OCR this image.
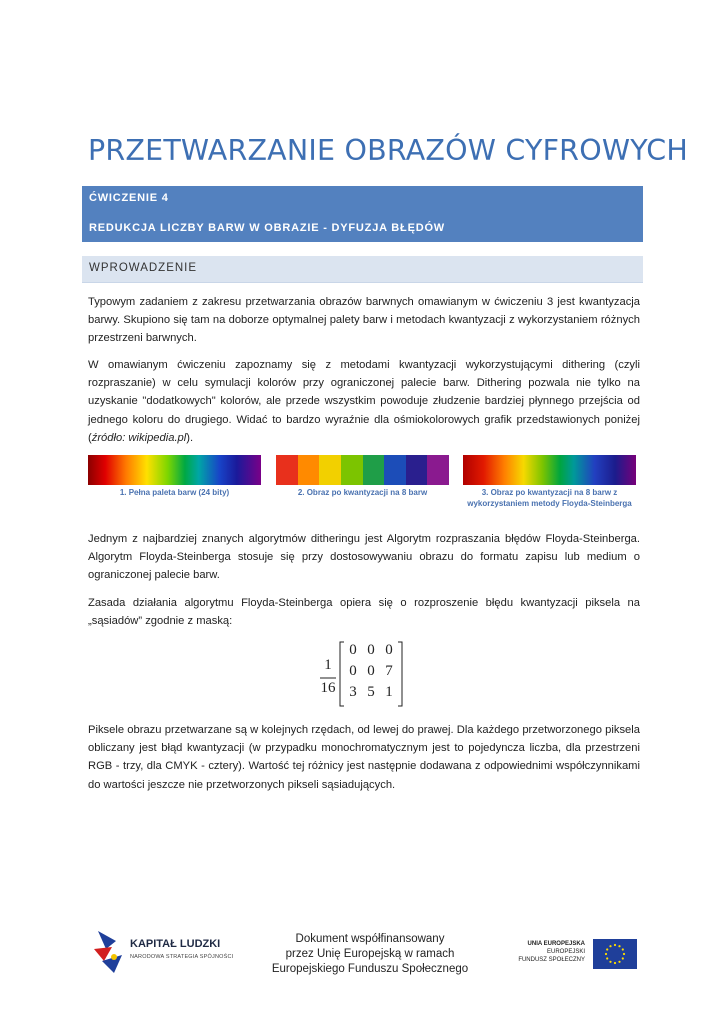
PRZETWARZANIE OBRAZÓW CYFROWYCH
ĆWICZENIE 4
REDUKCJA LICZBY BARW W OBRAZIE - DYFUZJA BŁĘDÓW
WPROWADZENIE
Typowym zadaniem z zakresu przetwarzania obrazów barwnych omawianym w ćwiczeniu 3 jest kwantyzacja barwy. Skupiono się tam na doborze optymalnej palety barw i metodach kwantyzacji z wykorzystaniem różnych przestrzeni barwnych.
W omawianym ćwiczeniu zapoznamy się z metodami kwantyzacji wykorzystującymi dithering (czyli rozpraszanie) w celu symulacji kolorów przy ograniczonej palecie barw. Dithering pozwala nie tylko na uzyskanie "dodatkowych" kolorów, ale przede wszystkim powoduje złudzenie bardziej płynnego przejścia od jednego koloru do drugiego. Widać to bardzo wyraźnie dla ośmiokolorowych grafik przedstawionych poniżej (źródło: wikipedia.pl).
1. Pełna paleta barw (24 bity)	2. Obraz po kwantyzacji na 8 barw	3. Obraz po kwantyzacji na 8 barw z wykorzystaniem metody Floyda-Steinberga
Jednym z najbardziej znanych algorytmów ditheringu jest Algorytm rozpraszania błędów Floyda-Steinberga. Algorytm Floyda-Steinberga stosuje się przy dostosowywaniu obrazu do formatu zapisu lub medium o ograniczonej palecie barw.
Zasada działania algorytmu Floyda-Steinberga opiera się o rozproszenie błędu kwantyzacji piksela na „sąsiadów” zgodnie z maską:
1
16
0 0 0
0 0 7
3 5 1
Piksele obrazu przetwarzane są w kolejnych rzędach, od lewej do prawej. Dla każdego przetworzonego piksela obliczany jest błąd kwantyzacji (w przypadku monochromatycznym jest to pojedyncza liczba, dla przestrzeni RGB - trzy, dla CMYK - cztery). Wartość tej różnicy jest następnie dodawana z odpowiednimi współczynnikami do wartości jeszcze nie przetworzonych pikseli sąsiadujących.
KAPITAŁ LUDZKI
NARODOWA STRATEGIA SPÓJNOŚCI
Dokument współfinansowany
przez Unię Europejską w ramach
Europejskiego Funduszu Społecznego
UNIA EUROPEJSKA
EUROPEJSKI
FUNDUSZ SPOŁECZNY
